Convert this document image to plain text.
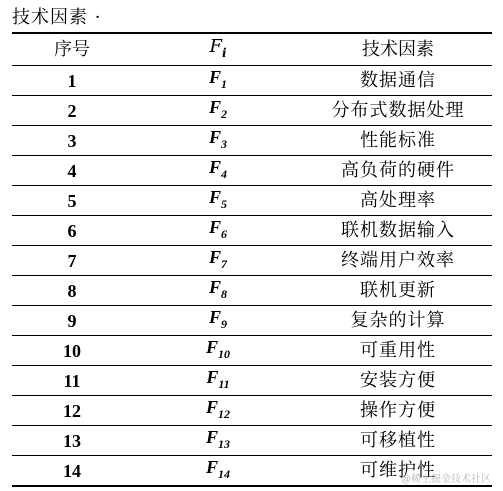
技术因素 ·
序号	$F_i$	技术因素
1	$F_1$	数据通信
2	$F_2$	分布式数据处理
3	$F_3$	性能标准
4	$F_4$	高负荷的硬件
5	$F_5$	高处理率
6	$F_6$	联机数据输入
7	$F_7$	终端用户效率
8	$F_8$	联机更新
9	$F_9$	复杂的计算
10	$F_{10}$	可重用性
11	$F_{11}$	安装方便
12	$F_{12}$	操作方便
13	$F_{13}$	可移植性
14	$F_{14}$	可维护性
@稀土掘金技术社区
